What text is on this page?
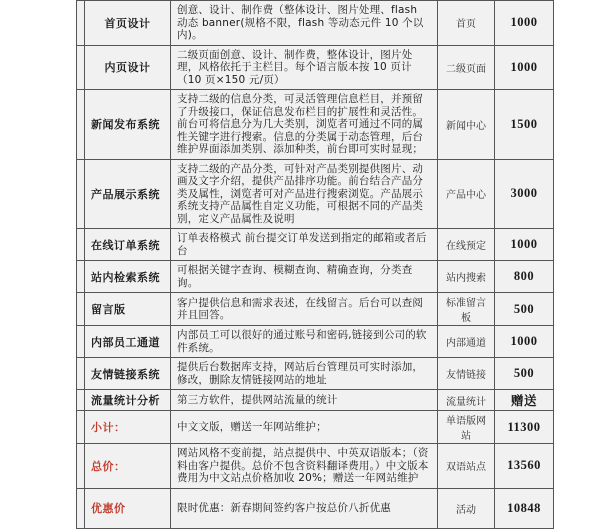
	首页设计	创意、设计、制作费（整体设计、图片处理、flash 动态 banner(规格不限，flash 等动态元件 10 个以内)。	首页	1000
	内页设计	二级页面创意、设计、制作费，整体设计，图片处理，风格依托于主栏目。每个语言版本按 10 页计（10 页×150 元/页）	二级页面	1000
	新闻发布系统	支持二级的信息分类，可灵活管理信息栏目，并预留了升级接口，保证信息发布栏目的扩展性和灵活性。前台可将信息分为几大类别，浏览者可通过不同的属性关键字进行搜索。信息的分类属于动态管理，后台维护界面添加类别、添加种类，前台即可实时显现；	新闻中心	1500
	产品展示系统	支持二级的产品分类，可针对产品类别提供图片、动画及文字介绍，提供产品排序功能。前台结合产品分类及属性，浏览者可对产品进行搜索浏览。产品展示系统支持产品属性自定义功能，可根据不同的产品类别，定义产品属性及说明	产品中心	3000
	在线订单系统	订单表格模式 前台提交订单发送到指定的邮箱或者后台	在线预定	1000
	站内检索系统	可根据关键字查询、模糊查询、精确查询，分类查询。	站内搜索	800
	留言版	客户提供信息和需求表述，在线留言。后台可以查阅并且回答。	标准留言板	500
	内部员工通道	内部员工可以很好的通过账号和密码,链接到公司的软件系统。	内部通道	1000
	友情链接系统	提供后台数据库支持，网站后台管理员可实时添加，修改，删除友情链接网站的地址	友情链接	500
	流量统计分析	第三方软件，提供网站流量的统计	流量统计	赠送
	小计：	中文文版，赠送一年网站维护；	单语版网站	11300
	总价：	网站风格不变前提，站点提供中、中英双语版本；（资料由客户提供。总价不包含资料翻译费用。）中文版本费用为中文站点价格加收 20%；赠送一年网站维护	双语站点	13560
	优惠价	限时优惠：新春期间签约客户按总价八折优惠	活动	10848
